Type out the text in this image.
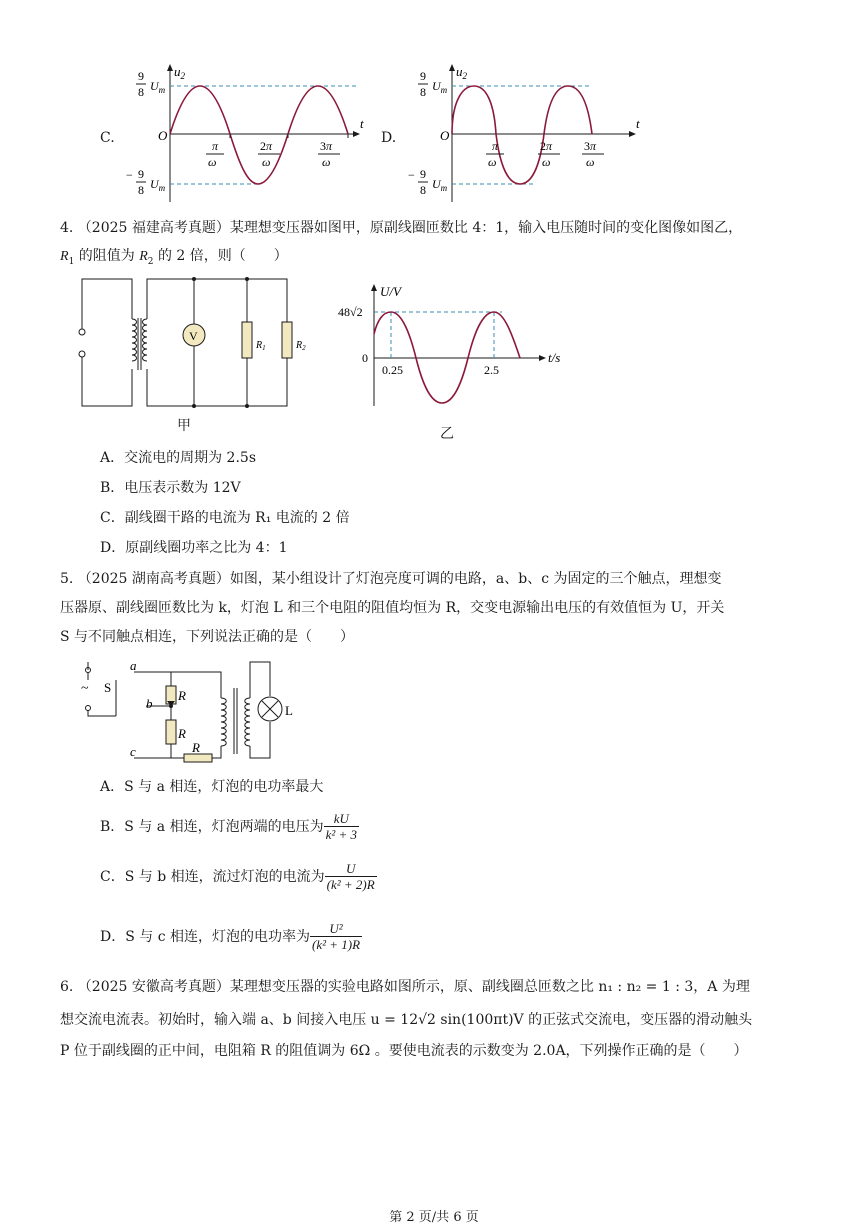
C.
$u_2$
O
t
9
8 $U_m$
− 9
8 $U_m$
π
ω
2π
ω
3π
ω
D.
$u_2$
O
t
9
8 $U_m$
− 9
8 $U_m$
π
ω
2π
ω
3π
ω
4. （2025 福建高考真题）某理想变压器如图甲，原副线圈匝数比 4：1，输入电压随时间的变化图像如图乙，
$R_1$ 的阻值为 $R_2$ 的 2 倍，则（　　）
V
$R_1$	$R_2$
甲
U/V
t/s
48√2
0
0.25	2.5
乙
A．交流电的周期为 2.5s
B．电压表示数为 12V
C．副线圈干路的电流为 R₁ 电流的 2 倍
D．原副线圈功率之比为 4：1
5. （2025 湖南高考真题）如图，某小组设计了灯泡亮度可调的电路，a、b、c 为固定的三个触点，理想变
压器原、副线圈匝数比为 k，灯泡 L 和三个电阻的阻值均恒为 R，交变电源输出电压的有效值恒为 U，开关
S 与不同触点相连，下列说法正确的是（　　）
~ S
a
b
c
R
R
R
L
A．S 与 a 相连，灯泡的电功率最大
B．S 与 a 相连，灯泡两端的电压为 $\frac{kU}{\text{k² + 3}}$
C．S 与 b 相连，流过灯泡的电流为 $\frac{U}{\text{(k² + 2)R}}$
D．S 与 c 相连，灯泡的电功率为 $\frac{\text{U²}}{\text{(k² + 1)R}}$
6. （2025 安徽高考真题）某理想变压器的实验电路如图所示，原、副线圈总匝数之比 n₁ : n₂ = 1 : 3，A 为理
想交流电流表。初始时，输入端 a、b 间接入电压 u = 12√2 sin(100πt)V 的正弦式交流电，变压器的滑动触头
P 位于副线圈的正中间，电阻箱 R 的阻值调为 6Ω 。要使电流表的示数变为 2.0A，下列操作正确的是（　　）
第 2 页/共 6 页
